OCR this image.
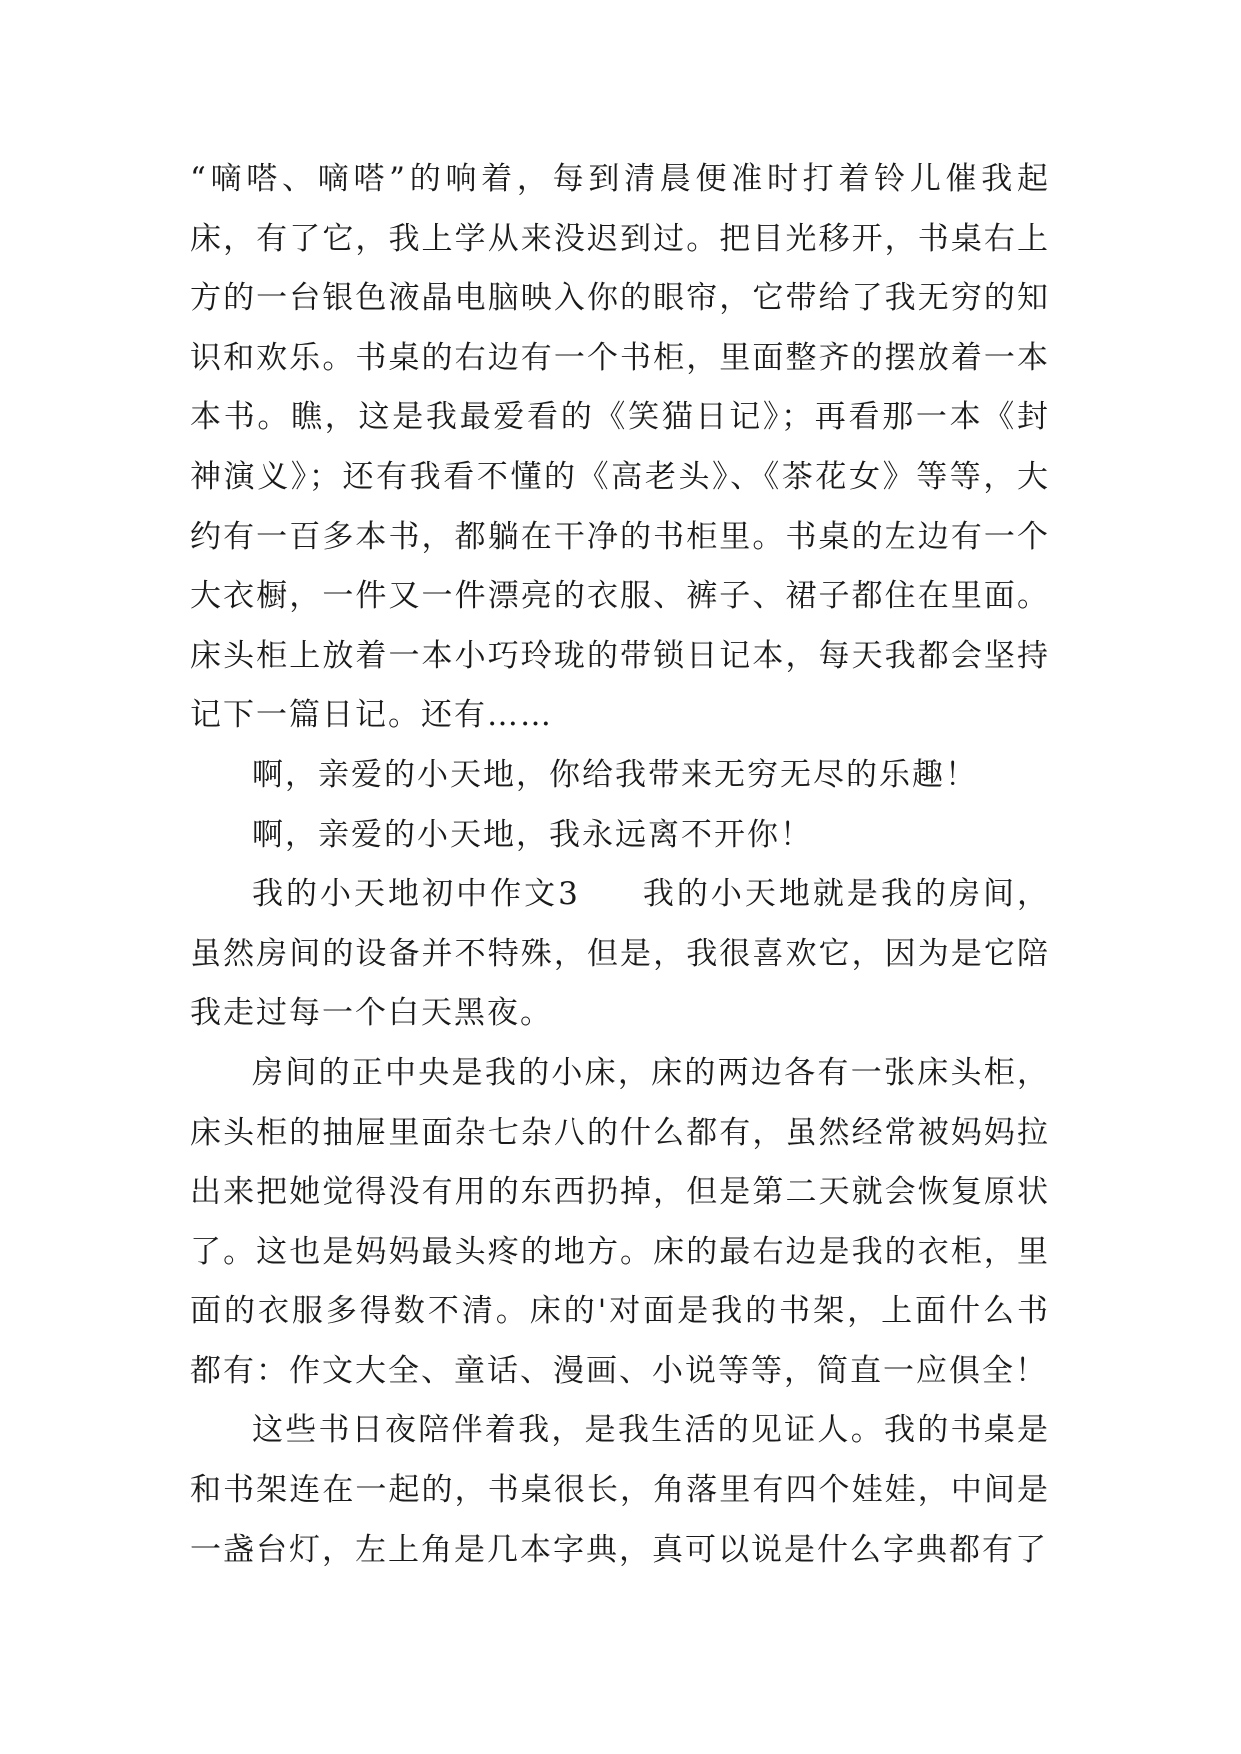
“嘀嗒、嘀嗒”的响着，每到清晨便准时打着铃儿催我起床，有了它，我上学从来没迟到过。把目光移开，书桌右上方的一台银色液晶电脑映入你的眼帘，它带给了我无穷的知识和欢乐。书桌的右边有一个书柜，里面整齐的摆放着一本本书。瞧，这是我最爱看的《笑猫日记》；再看那一本《封神演义》；还有我看不懂的《高老头》、《茶花女》等等，大约有一百多本书，都躺在干净的书柜里。书桌的左边有一个大衣橱，一件又一件漂亮的衣服、裤子、裙子都住在里面。床头柜上放着一本小巧玲珑的带锁日记本，每天我都会坚持记下一篇日记。还有……

啊，亲爱的小天地，你给我带来无穷无尽的乐趣！

啊，亲爱的小天地，我永远离不开你！

我的小天地初中作文3 我的小天地就是我的房间，虽然房间的设备并不特殊，但是，我很喜欢它，因为是它陪我走过每一个白天黑夜。

房间的正中央是我的小床，床的两边各有一张床头柜，床头柜的抽屉里面杂七杂八的什么都有，虽然经常被妈妈拉出来把她觉得没有用的东西扔掉，但是第二天就会恢复原状了。这也是妈妈最头疼的地方。床的最右边是我的衣柜，里面的衣服多得数不清。床的'对面是我的书架，上面什么书都有：作文大全、童话、漫画、小说等等，简直一应俱全！

这些书日夜陪伴着我，是我生活的见证人。我的书桌是和书架连在一起的，书桌很长，角落里有四个娃娃，中间是一盏台灯，左上角是几本字典，真可以说是什么字典都有了
